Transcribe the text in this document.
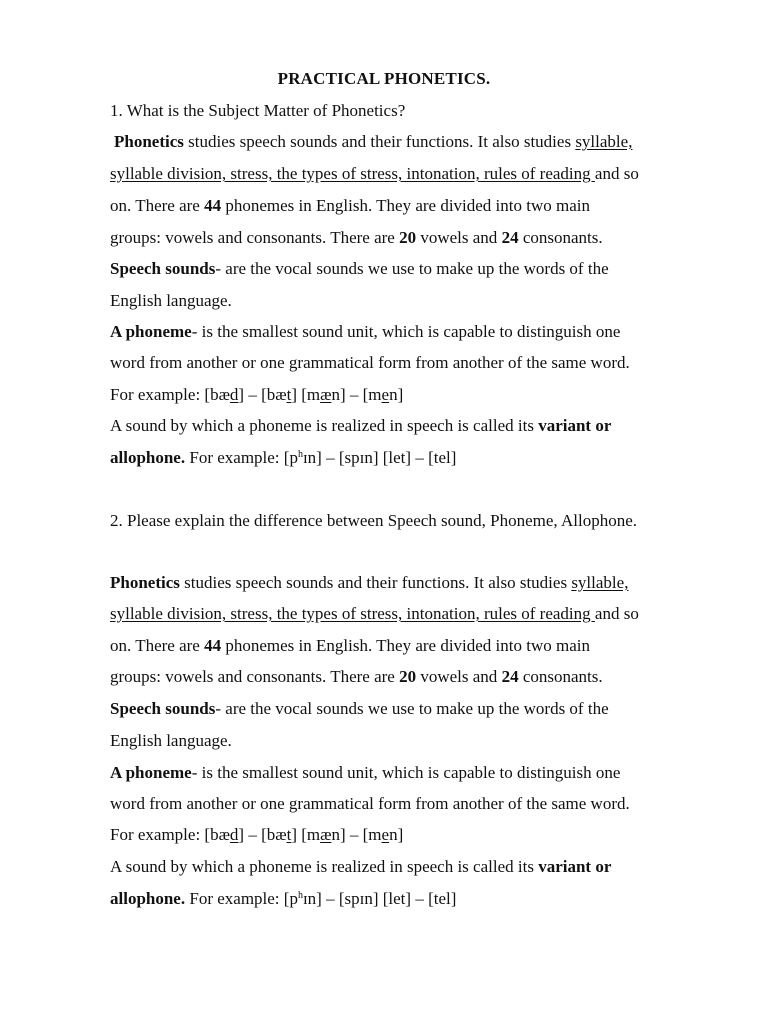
PRACTICAL PHONETICS.
1. What is the Subject Matter of Phonetics?
Phonetics studies speech sounds and their functions. It also studies syllable,
syllable division, stress, the types of stress, intonation, rules of reading and so
on. There are 44 phonemes in English. They are divided into two main
groups: vowels and consonants. There are 20 vowels and 24 consonants.
Speech sounds- are the vocal sounds we use to make up the words of the
English language.
A phoneme- is the smallest sound unit, which is capable to distinguish one
word from another or one grammatical form from another of the same word.
For example: [bæd] – [bæt] [mæn] – [men]
A sound by which a phoneme is realized in speech is called its variant or
allophone. For example: $[p^hɪn]$ – [spɪn] [let] – [tel]
2. Please explain the difference between Speech sound, Phoneme, Allophone.
Phonetics studies speech sounds and their functions. It also studies syllable,
syllable division, stress, the types of stress, intonation, rules of reading and so
on. There are 44 phonemes in English. They are divided into two main
groups: vowels and consonants. There are 20 vowels and 24 consonants.
Speech sounds- are the vocal sounds we use to make up the words of the
English language.
A phoneme- is the smallest sound unit, which is capable to distinguish one
word from another or one grammatical form from another of the same word.
For example: [bæd] – [bæt] [mæn] – [men]
A sound by which a phoneme is realized in speech is called its variant or
allophone. For example: $[p^hɪn]$ – [spɪn] [let] – [tel]
